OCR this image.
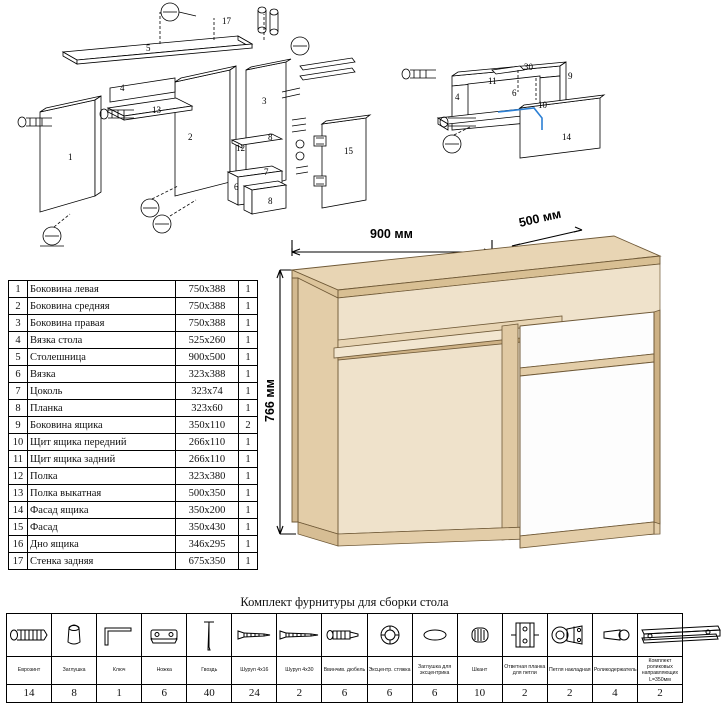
17
5
4
13
1
2
3
12
6
8
8
15
7
11	9
4
10
6
14
30
1	Боковина левая	750х388	1
2	Боковина средняя	750х388	1
3	Боковина правая	750х388	1
4	Вязка стола	525х260	1
5	Столешница	900х500	1
6	Вязка	323х388	1
7	Цоколь	323х74	1
8	Планка	323х60	1
9	Боковина ящика	350х110	2
10	Щит ящика передний	266х110	1
11	Щит ящика задний	266х110	1
12	Полка	323х380	1
13	Полка выкатная	500х350	1
14	Фасад ящика	350х200	1
15	Фасад	350х430	1
16	Дно ящика	346х295	1
17	Стенка задняя	675х350	1
900 мм
500 мм
766 мм
Комплект фурнитуры для сборки стола

Еврозинт	Заглушка	Ключ	Ножка	Гвоздь	Шуруп 4х16	Шуруп 4х30	Ввинчив. дюбель	Эксцентр. стяжка	Заглушка для эксцентрика	Шкант	Ответная планка для петли	Петля накладная	Роликодержатель	Комплект роликовых направляющих L=350мм
14	8	1	6	40	24	2	6	6	6	10	2	2	4	2
